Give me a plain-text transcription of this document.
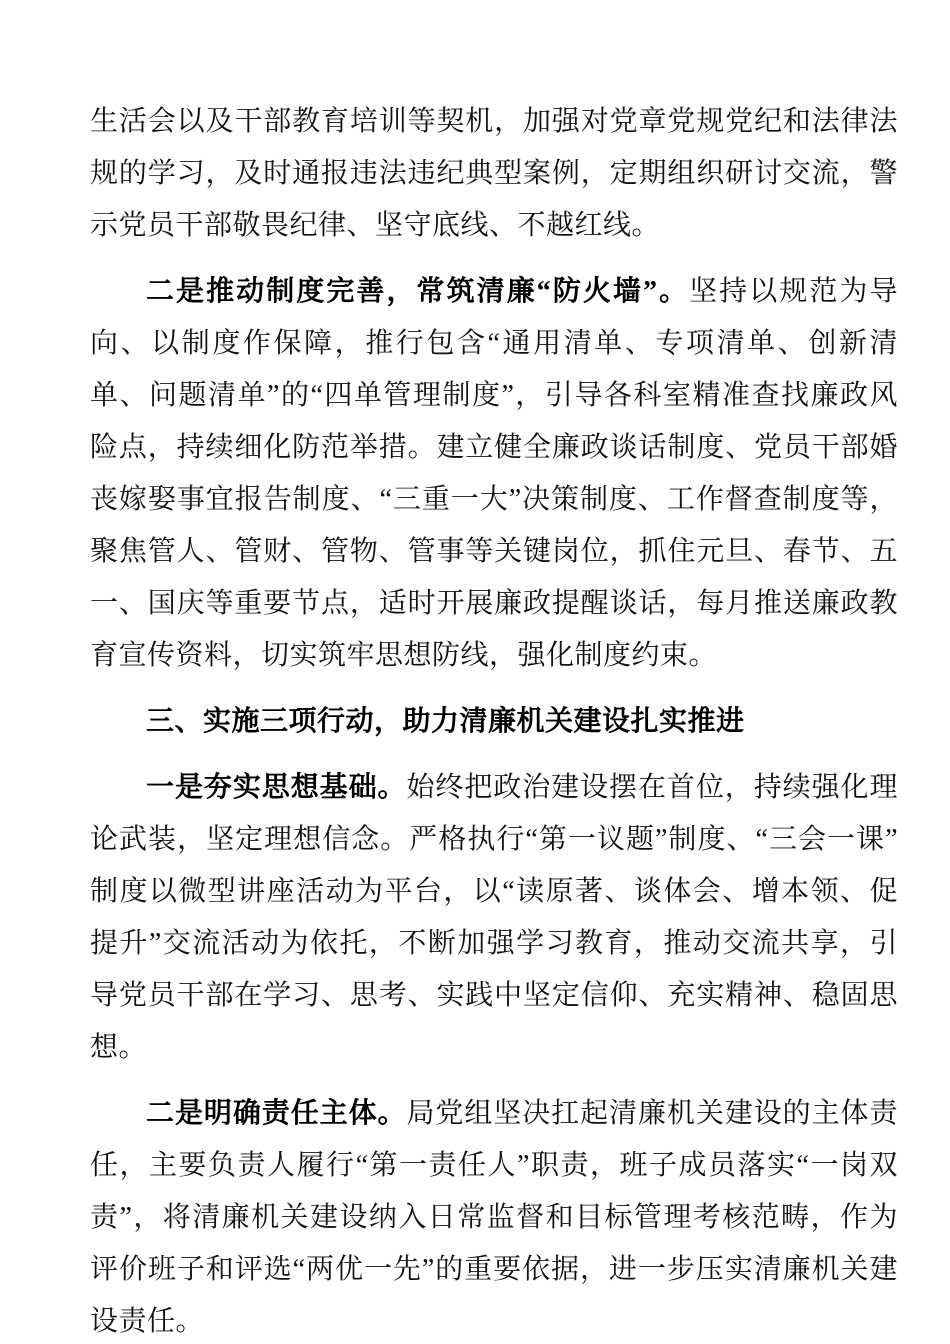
生活会以及干部教育培训等契机，加强对党章党规党纪和法律法规的学习，及时通报违法违纪典型案例，定期组织研讨交流，警示党员干部敬畏纪律、坚守底线、不越红线。

二是推动制度完善，常筑清廉“防火墙”。坚持以规范为导向、以制度作保障，推行包含“通用清单、专项清单、创新清单、问题清单”的“四单管理制度”，引导各科室精准查找廉政风险点，持续细化防范举措。建立健全廉政谈话制度、党员干部婚丧嫁娶事宜报告制度、“三重一大”决策制度、工作督查制度等，聚焦管人、管财、管物、管事等关键岗位，抓住元旦、春节、五一、国庆等重要节点，适时开展廉政提醒谈话，每月推送廉政教育宣传资料，切实筑牢思想防线，强化制度约束。

三、实施三项行动，助力清廉机关建设扎实推进

一是夯实思想基础。始终把政治建设摆在首位，持续强化理论武装，坚定理想信念。严格执行“第一议题”制度、“三会一课”制度以微型讲座活动为平台，以“读原著、谈体会、增本领、促提升”交流活动为依托，不断加强学习教育，推动交流共享，引导党员干部在学习、思考、实践中坚定信仰、充实精神、稳固思想。

二是明确责任主体。局党组坚决扛起清廉机关建设的主体责任，主要负责人履行“第一责任人”职责，班子成员落实“一岗双责”，将清廉机关建设纳入日常监督和目标管理考核范畴，作为评价班子和评选“两优一先”的重要依据，进一步压实清廉机关建设责任。
